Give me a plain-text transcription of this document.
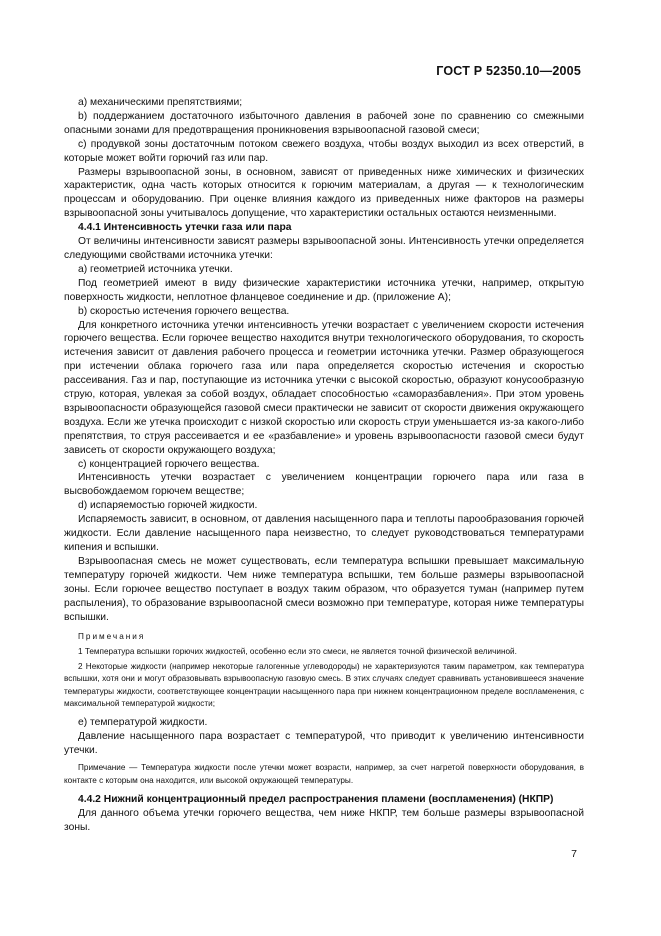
ГОСТ Р 52350.10—2005

a) механическими препятствиями;

b) поддержанием достаточного избыточного давления в рабочей зоне по сравнению со смежными опасными зонами для предотвращения проникновения взрывоопасной газовой смеси;

c) продувкой зоны достаточным потоком свежего воздуха, чтобы воздух выходил из всех отверстий, в которые может войти горючий газ или пар.

Размеры взрывоопасной зоны, в основном, зависят от приведенных ниже химических и физических характеристик, одна часть которых относится к горючим материалам, а другая — к технологическим процессам и оборудованию. При оценке влияния каждого из приведенных ниже факторов на размеры взрывоопасной зоны учитывалось допущение, что характеристики остальных остаются неизменными.

4.4.1 Интенсивность утечки газа или пара

От величины интенсивности зависят размеры взрывоопасной зоны. Интенсивность утечки определяется следующими свойствами источника утечки:

a) геометрией источника утечки.

Под геометрией имеют в виду физические характеристики источника утечки, например, открытую поверхность жидкости, неплотное фланцевое соединение и др. (приложение А);

b) скоростью истечения горючего вещества.

Для конкретного источника утечки интенсивность утечки возрастает с увеличением скорости истечения горючего вещества. Если горючее вещество находится внутри технологического оборудования, то скорость истечения зависит от давления рабочего процесса и геометрии источника утечки. Размер образующегося при истечении облака горючего газа или пара определяется скоростью истечения и скоростью рассеивания. Газ и пар, поступающие из источника утечки с высокой скоростью, образуют конусообразную струю, которая, увлекая за собой воздух, обладает способностью «саморазбавления». При этом уровень взрывоопасности образующейся газовой смеси практически не зависит от скорости движения окружающего воздуха. Если же утечка происходит с низкой скоростью или скорость струи уменьшается из-за какого-либо препятствия, то струя рассеивается и ее «разбавление» и уровень взрывоопасности газовой смеси будут зависеть от скорости окружающего воздуха;

c) концентрацией горючего вещества.

Интенсивность утечки возрастает с увеличением концентрации горючего пара или газа в высвобождаемом горючем веществе;

d) испаряемостью горючей жидкости.

Испаряемость зависит, в основном, от давления насыщенного пара и теплоты парообразования горючей жидкости. Если давление насыщенного пара неизвестно, то следует руководствоваться температурами кипения и вспышки.

Взрывоопасная смесь не может существовать, если температура вспышки превышает максимальную температуру горючей жидкости. Чем ниже температура вспышки, тем больше размеры взрывоопасной зоны. Если горючее вещество поступает в воздух таким образом, что образуется туман (например путем распыления), то образование взрывоопасной смеси возможно при температуре, которая ниже температуры вспышки.

Примечания

1 Температура вспышки горючих жидкостей, особенно если это смеси, не является точной физической величиной.

2 Некоторые жидкости (например некоторые галогенные углеводороды) не характеризуются таким параметром, как температура вспышки, хотя они и могут образовывать взрывоопасную газовую смесь. В этих случаях следует сравнивать установившееся значение температуры жидкости, соответствующее концентрации насыщенного пара при нижнем концентрационном пределе воспламенения, с максимальной температурой жидкости;

e) температурой жидкости.

Давление насыщенного пара возрастает с температурой, что приводит к увеличению интенсивности утечки.

Примечание — Температура жидкости после утечки может возрасти, например, за счет нагретой поверхности оборудования, в контакте с которым она находится, или высокой окружающей температуры.

4.4.2 Нижний концентрационный предел распространения пламени (воспламенения) (НКПР)

Для данного объема утечки горючего вещества, чем ниже НКПР, тем больше размеры взрывоопасной зоны.

7
